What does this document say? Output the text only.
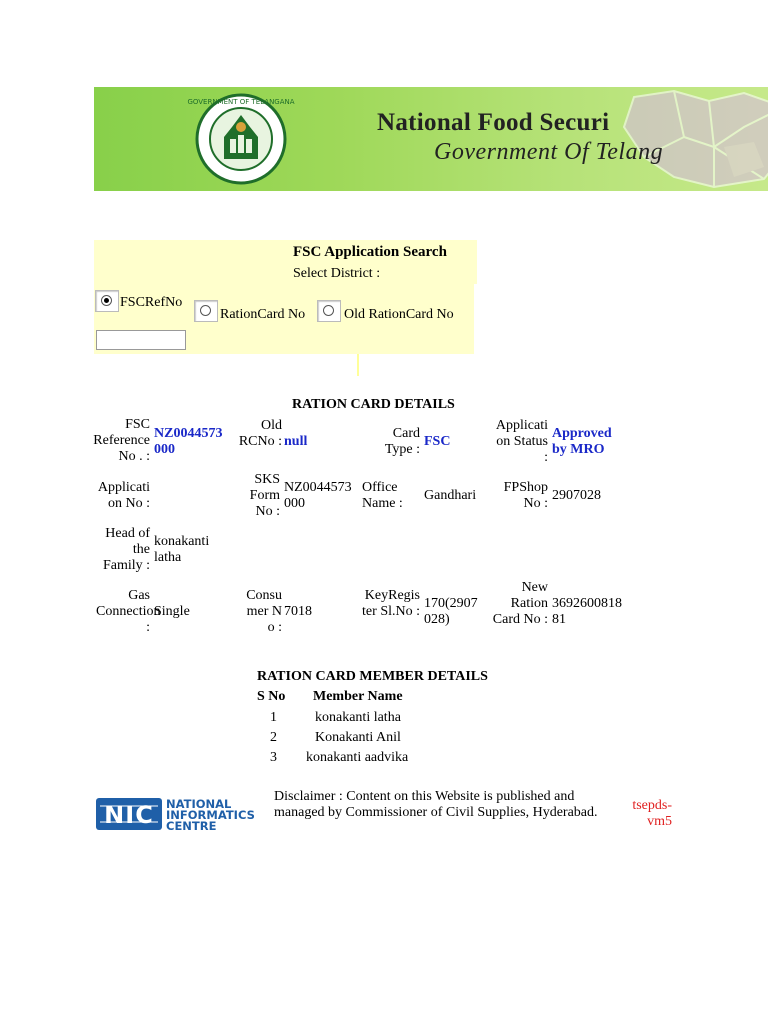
GOVERNMENT OF TELANGANA
National Food Securi
Government Of Telang
FSC Application Search
Select District :
FSCRefNo
RationCard No	Old RationCard No
RATION CARD DETAILS
FSC Reference No . :
NZ0044573000
Old RCNo : null
Card Type :
FSC
Application Status :
Approved by MRO
Application No :
SKS Form No :
NZ0044573000
Office Name :
Gandhari
FPShop No :
2907028
Head of the Family :
konakanti latha
Gas Connection :
Single
Consumer No :
7018
KeyRegister Sl.No :
170(2907028)
New Ration Card No :
369260081881
RATION CARD MEMBER DETAILS
S No Member Name
1	konakanti latha
2	Konakanti Anil
3 konakanti aadvika
NIC NATIONAL
INFORMATICS
CENTRE
Disclaimer : Content on this Website is published and managed by Commissioner of Civil Supplies, Hyderabad.	tsepds-vm5
